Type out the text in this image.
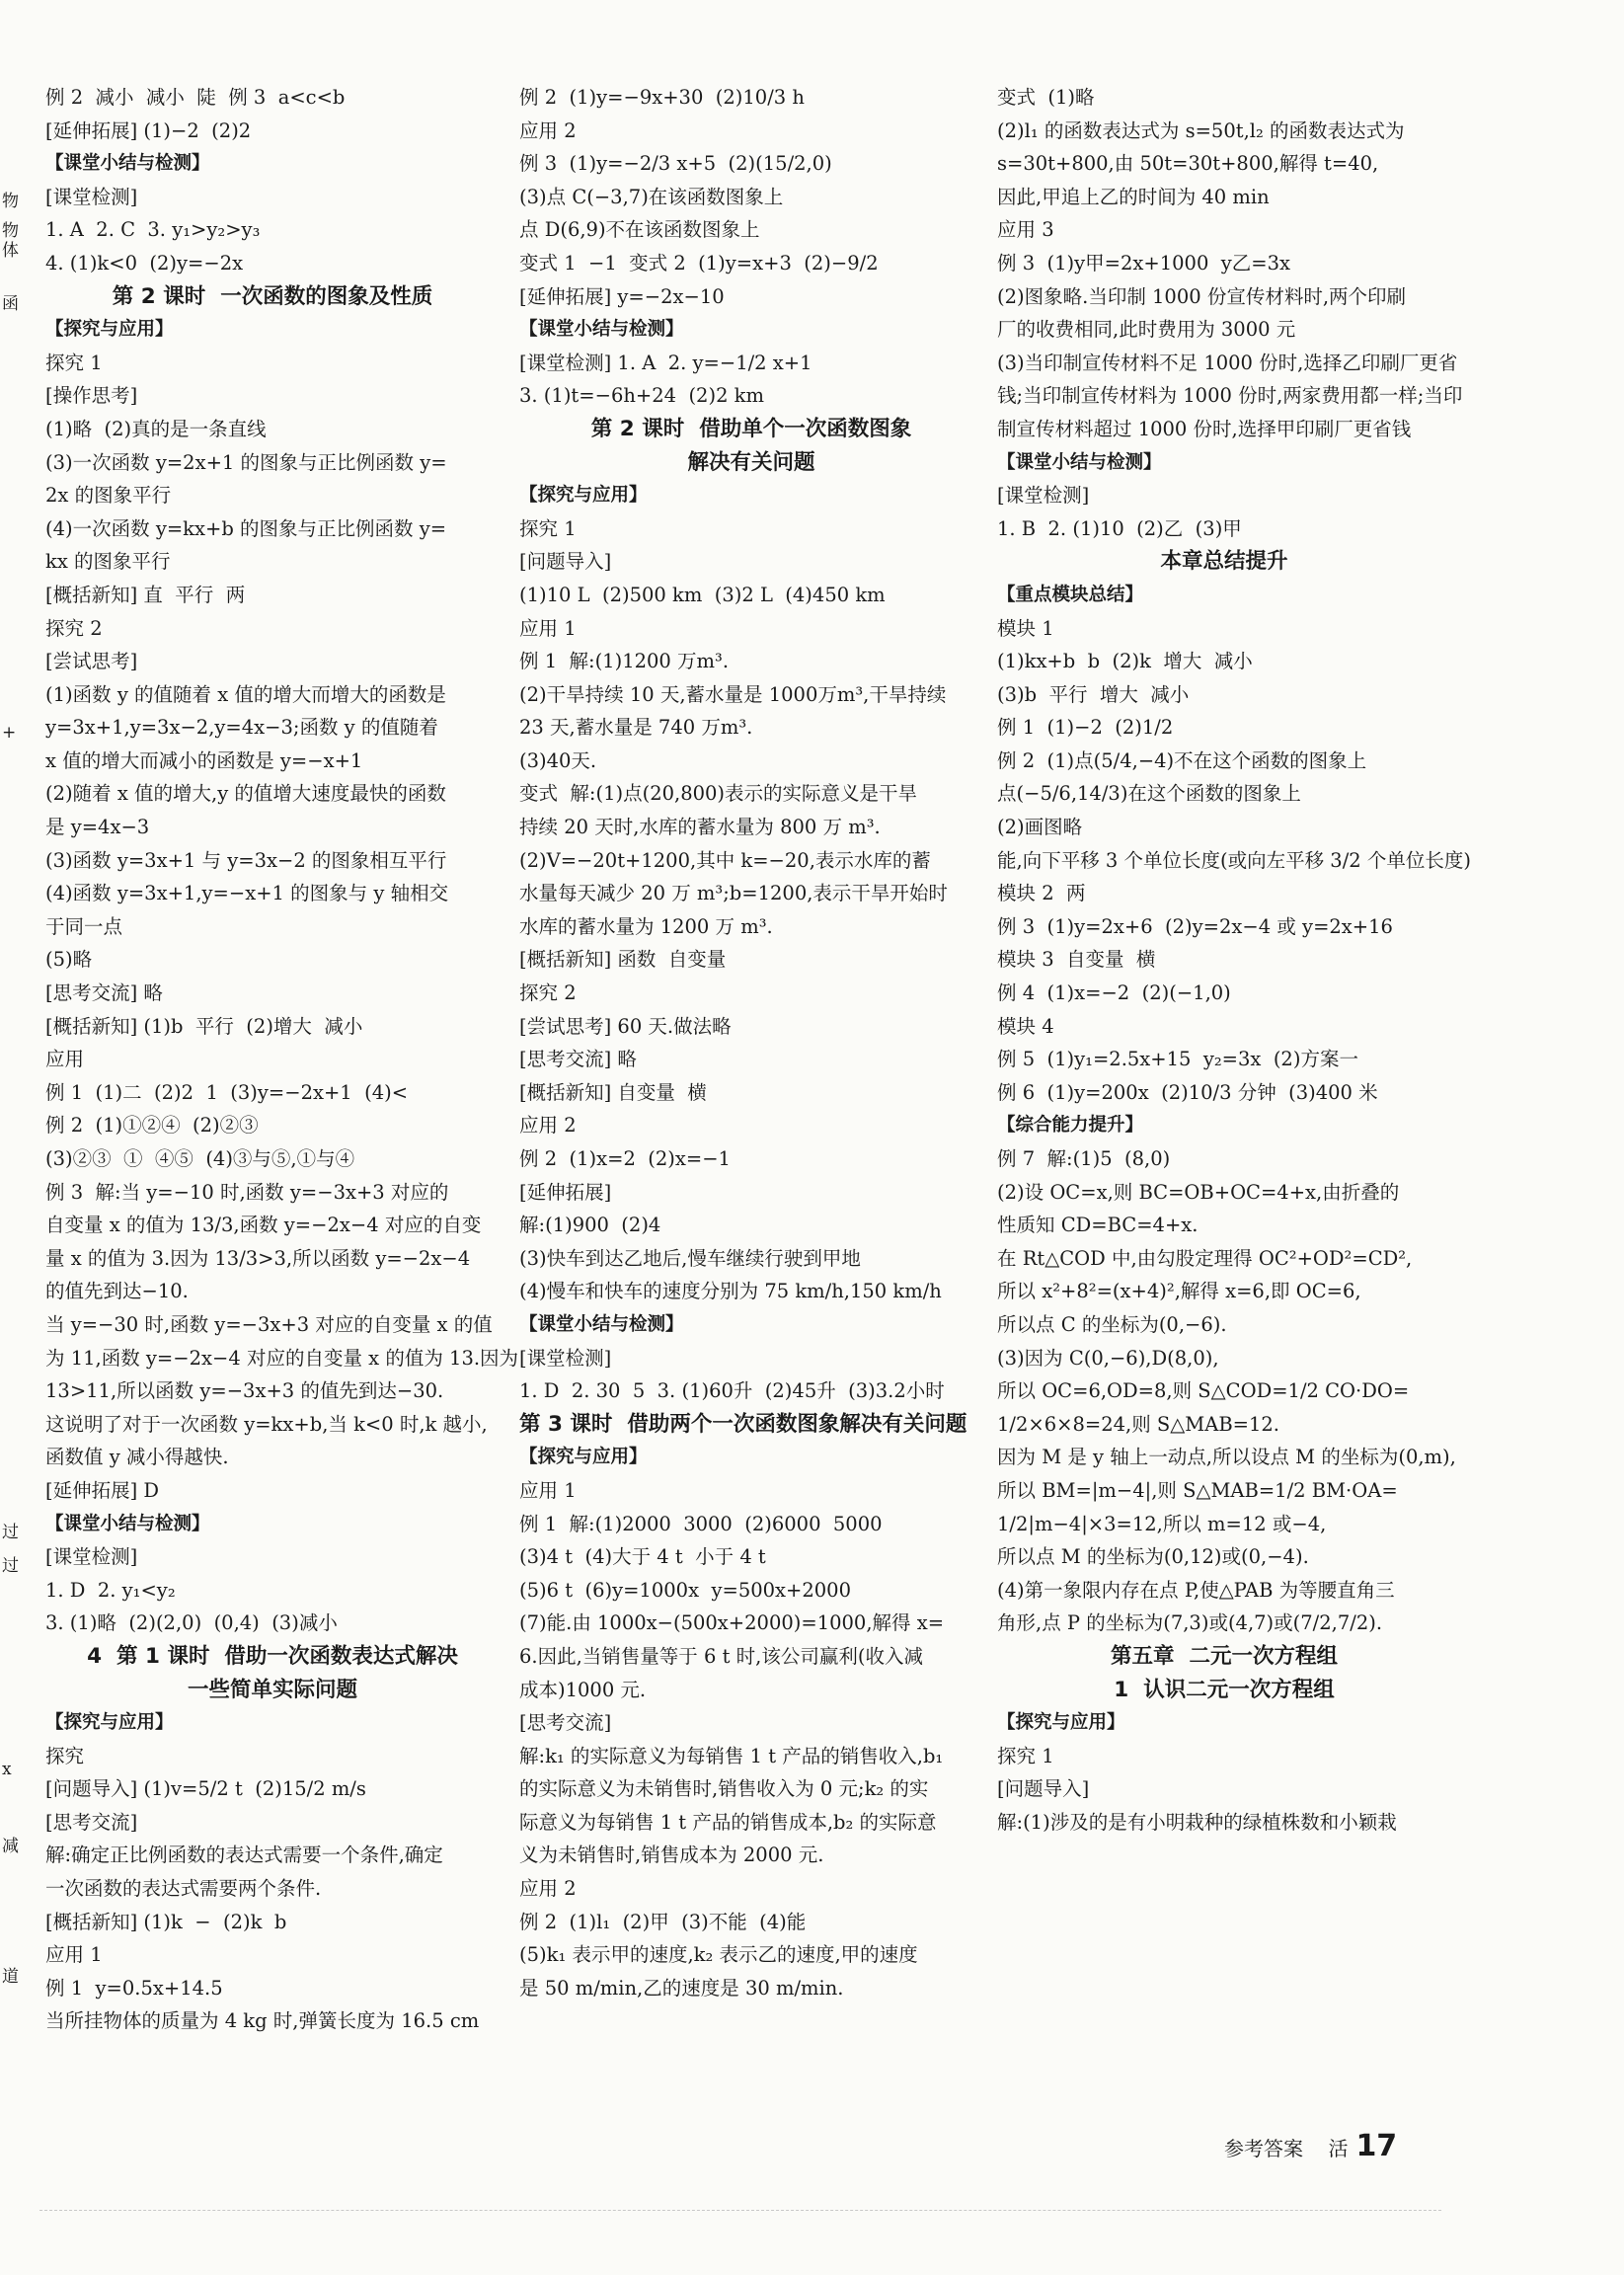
物
物体
函
+
过
过
x
减
道
例 2  减小  减小  陡  例 3  a<c<b
[延伸拓展] (1)−2  (2)2
【课堂小结与检测】
[课堂检测]
1. A  2. C  3. y₁>y₂>y₃
4. (1)k<0  (2)y=−2x
第 2 课时  一次函数的图象及性质
【探究与应用】
探究 1
[操作思考]
(1)略  (2)真的是一条直线
(3)一次函数 y=2x+1 的图象与正比例函数 y=
2x 的图象平行
(4)一次函数 y=kx+b 的图象与正比例函数 y=
kx 的图象平行
[概括新知] 直  平行  两
探究 2
[尝试思考]
(1)函数 y 的值随着 x 值的增大而增大的函数是
y=3x+1,y=3x−2,y=4x−3;函数 y 的值随着
x 值的增大而减小的函数是 y=−x+1
(2)随着 x 值的增大,y 的值增大速度最快的函数
是 y=4x−3
(3)函数 y=3x+1 与 y=3x−2 的图象相互平行
(4)函数 y=3x+1,y=−x+1 的图象与 y 轴相交
于同一点
(5)略
[思考交流] 略
[概括新知] (1)b  平行  (2)增大  减小
应用
例 1  (1)二  (2)2  1  (3)y=−2x+1  (4)<
例 2  (1)①②④  (2)②③
(3)②③  ①  ④⑤  (4)③与⑤,①与④
例 3  解:当 y=−10 时,函数 y=−3x+3 对应的
自变量 x 的值为 13/3,函数 y=−2x−4 对应的自变
量 x 的值为 3.因为 13/3>3,所以函数 y=−2x−4
的值先到达−10.
当 y=−30 时,函数 y=−3x+3 对应的自变量 x 的值
为 11,函数 y=−2x−4 对应的自变量 x 的值为 13.因为
13>11,所以函数 y=−3x+3 的值先到达−30.
这说明了对于一次函数 y=kx+b,当 k<0 时,k 越小,
函数值 y 减小得越快.
[延伸拓展] D
【课堂小结与检测】
[课堂检测]
1. D  2. y₁<y₂
3. (1)略  (2)(2,0)  (0,4)  (3)减小
4  第 1 课时  借助一次函数表达式解决
一些简单实际问题
【探究与应用】
探究
[问题导入] (1)v=5/2 t  (2)15/2 m/s
[思考交流]
解:确定正比例函数的表达式需要一个条件,确定
一次函数的表达式需要两个条件.
[概括新知] (1)k  −  (2)k  b
应用 1
例 1  y=0.5x+14.5
当所挂物体的质量为 4 kg 时,弹簧长度为 16.5 cm
例 2  (1)y=−9x+30  (2)10/3 h
应用 2
例 3  (1)y=−2/3 x+5  (2)(15/2,0)
(3)点 C(−3,7)在该函数图象上
点 D(6,9)不在该函数图象上
变式 1  −1  变式 2  (1)y=x+3  (2)−9/2
[延伸拓展] y=−2x−10
【课堂小结与检测】
[课堂检测] 1. A  2. y=−1/2 x+1
3. (1)t=−6h+24  (2)2 km
第 2 课时  借助单个一次函数图象
解决有关问题
【探究与应用】
探究 1
[问题导入]
(1)10 L  (2)500 km  (3)2 L  (4)450 km
应用 1
例 1  解:(1)1200 万m³.
(2)干旱持续 10 天,蓄水量是 1000万m³,干旱持续
23 天,蓄水量是 740 万m³.
(3)40天.
变式  解:(1)点(20,800)表示的实际意义是干旱
持续 20 天时,水库的蓄水量为 800 万 m³.
(2)V=−20t+1200,其中 k=−20,表示水库的蓄
水量每天减少 20 万 m³;b=1200,表示干旱开始时
水库的蓄水量为 1200 万 m³.
[概括新知] 函数  自变量
探究 2
[尝试思考] 60 天.做法略
[思考交流] 略
[概括新知] 自变量  横
应用 2
例 2  (1)x=2  (2)x=−1
[延伸拓展]
解:(1)900  (2)4
(3)快车到达乙地后,慢车继续行驶到甲地
(4)慢车和快车的速度分别为 75 km/h,150 km/h
【课堂小结与检测】
[课堂检测]
1. D  2. 30  5  3. (1)60升  (2)45升  (3)3.2小时
第 3 课时  借助两个一次函数图象解决有关问题
【探究与应用】
应用 1
例 1  解:(1)2000  3000  (2)6000  5000
(3)4 t  (4)大于 4 t  小于 4 t
(5)6 t  (6)y=1000x  y=500x+2000
(7)能.由 1000x−(500x+2000)=1000,解得 x=
6.因此,当销售量等于 6 t 时,该公司赢利(收入减
成本)1000 元.
[思考交流]
解:k₁ 的实际意义为每销售 1 t 产品的销售收入,b₁
的实际意义为未销售时,销售收入为 0 元;k₂ 的实
际意义为每销售 1 t 产品的销售成本,b₂ 的实际意
义为未销售时,销售成本为 2000 元.
应用 2
例 2  (1)l₁  (2)甲  (3)不能  (4)能
(5)k₁ 表示甲的速度,k₂ 表示乙的速度,甲的速度
是 50 m/min,乙的速度是 30 m/min.
变式  (1)略
(2)l₁ 的函数表达式为 s=50t,l₂ 的函数表达式为
s=30t+800,由 50t=30t+800,解得 t=40,
因此,甲追上乙的时间为 40 min
应用 3
例 3  (1)y甲=2x+1000  y乙=3x
(2)图象略.当印制 1000 份宣传材料时,两个印刷
厂的收费相同,此时费用为 3000 元
(3)当印制宣传材料不足 1000 份时,选择乙印刷厂更省
钱;当印制宣传材料为 1000 份时,两家费用都一样;当印
制宣传材料超过 1000 份时,选择甲印刷厂更省钱
【课堂小结与检测】
[课堂检测]
1. B  2. (1)10  (2)乙  (3)甲
本章总结提升
【重点模块总结】
模块 1
(1)kx+b  b  (2)k  增大  减小
(3)b  平行  增大  减小
例 1  (1)−2  (2)1/2
例 2  (1)点(5/4,−4)不在这个函数的图象上
点(−5/6,14/3)在这个函数的图象上
(2)画图略
能,向下平移 3 个单位长度(或向左平移 3/2 个单位长度)
模块 2  两
例 3  (1)y=2x+6  (2)y=2x−4 或 y=2x+16
模块 3  自变量  横
例 4  (1)x=−2  (2)(−1,0)
模块 4
例 5  (1)y₁=2.5x+15  y₂=3x  (2)方案一
例 6  (1)y=200x  (2)10/3 分钟  (3)400 米
【综合能力提升】
例 7  解:(1)5  (8,0)
(2)设 OC=x,则 BC=OB+OC=4+x,由折叠的
性质知 CD=BC=4+x.
在 Rt△COD 中,由勾股定理得 OC²+OD²=CD²,
所以 x²+8²=(x+4)²,解得 x=6,即 OC=6,
所以点 C 的坐标为(0,−6).
(3)因为 C(0,−6),D(8,0),
所以 OC=6,OD=8,则 S△COD=1/2 CO·DO=
1/2×6×8=24,则 S△MAB=12.
因为 M 是 y 轴上一动点,所以设点 M 的坐标为(0,m),
所以 BM=|m−4|,则 S△MAB=1/2 BM·OA=
1/2|m−4|×3=12,所以 m=12 或−4,
所以点 M 的坐标为(0,12)或(0,−4).
(4)第一象限内存在点 P,使△PAB 为等腰直角三
角形,点 P 的坐标为(7,3)或(4,7)或(7/2,7/2).
第五章  二元一次方程组
1  认识二元一次方程组
【探究与应用】
探究 1
[问题导入]
解:(1)涉及的是有小明栽种的绿植株数和小颖栽
参考答案 活 17
